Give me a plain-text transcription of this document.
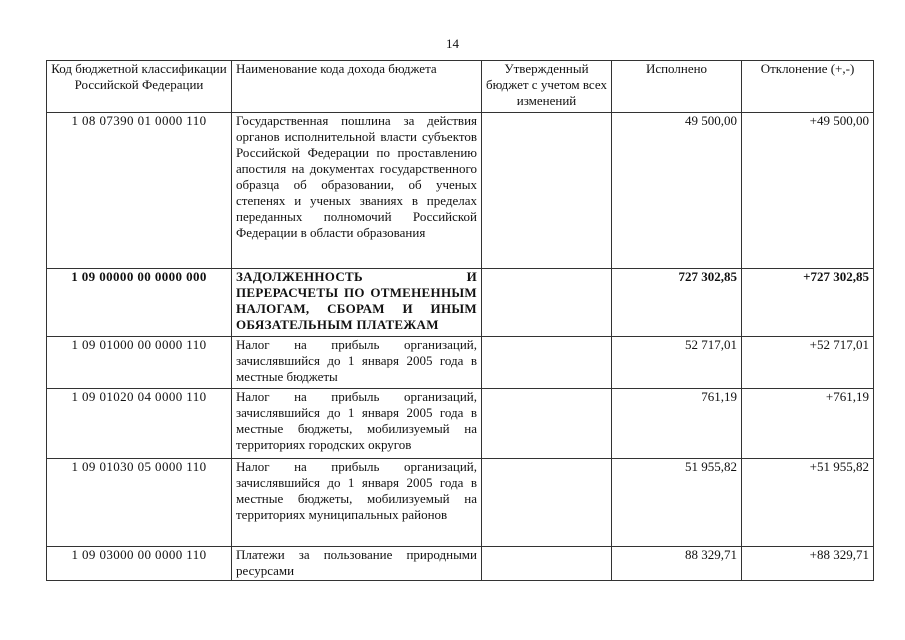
14
Код бюджетной классификации Российской Федерации	Наименование кода дохода бюджета	Утвержденный бюджет с учетом всех изменений	Исполнено	Отклонение (+,-)
1 08 07390 01 0000 110	Государственная пошлина за действия органов исполнительной власти субъектов Российской Федерации по проставлению апостиля на документах государственного образца об образовании, об ученых степенях и ученых званиях в пределах переданных полномочий Российской Федерации в области образования		49 500,00	+49 500,00
1 09 00000 00 0000 000	ЗАДОЛЖЕННОСТЬ И ПЕРЕРАСЧЕТЫ ПО ОТМЕНЕННЫМ НАЛОГАМ, СБОРАМ И ИНЫМ ОБЯЗАТЕЛЬНЫМ ПЛАТЕЖАМ		727 302,85	+727 302,85
1 09 01000 00 0000 110	Налог на прибыль организаций, зачислявшийся до 1 января 2005 года в местные бюджеты		52 717,01	+52 717,01
1 09 01020 04 0000 110	Налог на прибыль организаций, зачислявшийся до 1 января 2005 года в местные бюджеты, мобилизуемый на территориях городских округов		761,19	+761,19
1 09 01030 05 0000 110	Налог на прибыль организаций, зачислявшийся до 1 января 2005 года в местные бюджеты, мобилизуемый на территориях муниципальных районов		51 955,82	+51 955,82
1 09 03000 00 0000 110	Платежи за пользование природными ресурсами		88 329,71	+88 329,71
